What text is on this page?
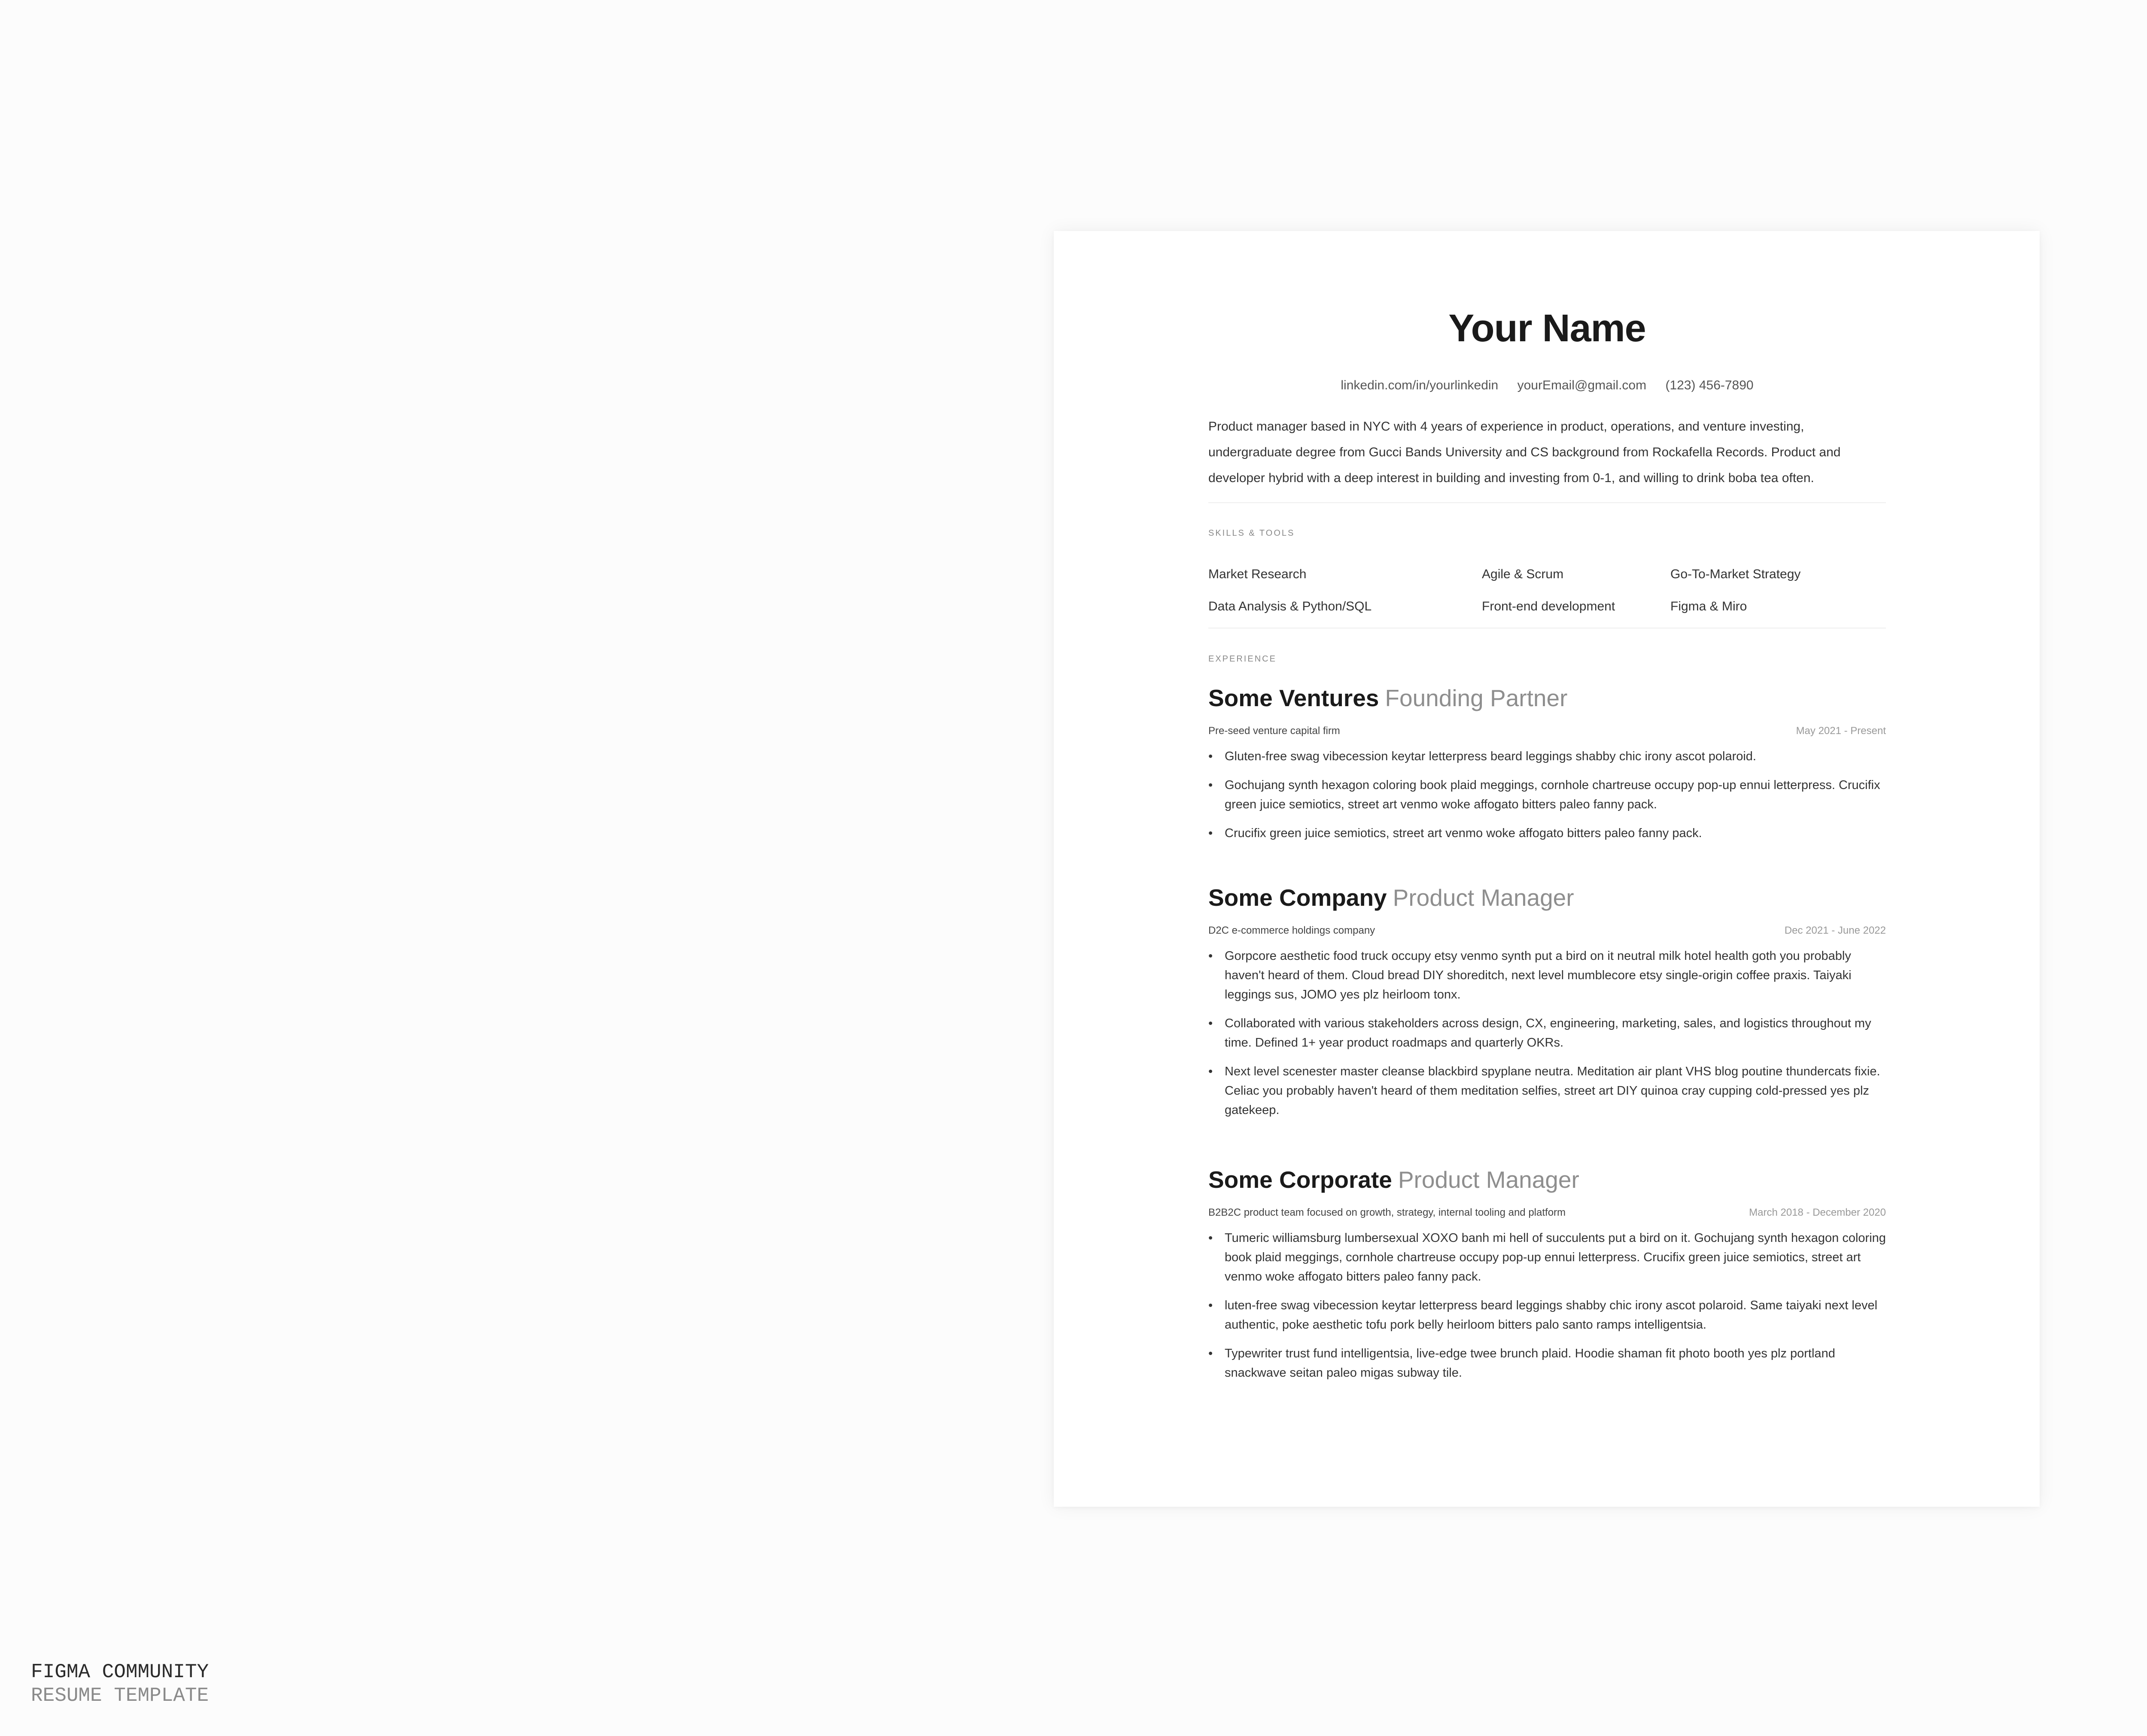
Your Name
linkedin.com/in/yourlinkedin yourEmail@gmail.com (123) 456-7890

Product manager based in NYC with 4 years of experience in product, operations, and venture investing, undergraduate degree from Gucci Bands University and CS background from Rockafella Records. Product and developer hybrid with a deep interest in building and investing from 0-1, and willing to drink boba tea often.

SKILLS & TOOLS
Market Research	Agile & Scrum	Go-To-Market Strategy
Data Analysis & Python/SQL	Front-end development	Figma & Miro
EXPERIENCE
Some Ventures Founding Partner
Pre-seed venture capital firm	May 2021 - Present
• Gluten-free swag vibecession keytar letterpress beard leggings shabby chic irony ascot polaroid.
• Gochujang synth hexagon coloring book plaid meggings, cornhole chartreuse occupy pop-up ennui letterpress. Crucifix green juice semiotics, street art venmo woke affogato bitters paleo fanny pack.
• Crucifix green juice semiotics, street art venmo woke affogato bitters paleo fanny pack.
Some Company Product Manager
D2C e-commerce holdings company	Dec 2021 - June 2022
• Gorpcore aesthetic food truck occupy etsy venmo synth put a bird on it neutral milk hotel health goth you probably haven't heard of them. Cloud bread DIY shoreditch, next level mumblecore etsy single-origin coffee praxis. Taiyaki leggings sus, JOMO yes plz heirloom tonx.
• Collaborated with various stakeholders across design, CX, engineering, marketing, sales, and logistics throughout my time. Defined 1+ year product roadmaps and quarterly OKRs.
• Next level scenester master cleanse blackbird spyplane neutra. Meditation air plant VHS blog poutine thundercats fixie. Celiac you probably haven't heard of them meditation selfies, street art DIY quinoa cray cupping cold-pressed yes plz gatekeep.
Some Corporate Product Manager
B2B2C product team focused on growth, strategy, internal tooling and platform	March 2018 - December 2020
• Tumeric williamsburg lumbersexual XOXO banh mi hell of succulents put a bird on it. Gochujang synth hexagon coloring book plaid meggings, cornhole chartreuse occupy pop-up ennui letterpress. Crucifix green juice semiotics, street art venmo woke affogato bitters paleo fanny pack.
• luten-free swag vibecession keytar letterpress beard leggings shabby chic irony ascot polaroid. Same taiyaki next level authentic, poke aesthetic tofu pork belly heirloom bitters palo santo ramps intelligentsia.
• Typewriter trust fund intelligentsia, live-edge twee brunch plaid. Hoodie shaman fit photo booth yes plz portland snackwave seitan paleo migas subway tile.
FIGMA COMMUNITY
RESUME TEMPLATE
